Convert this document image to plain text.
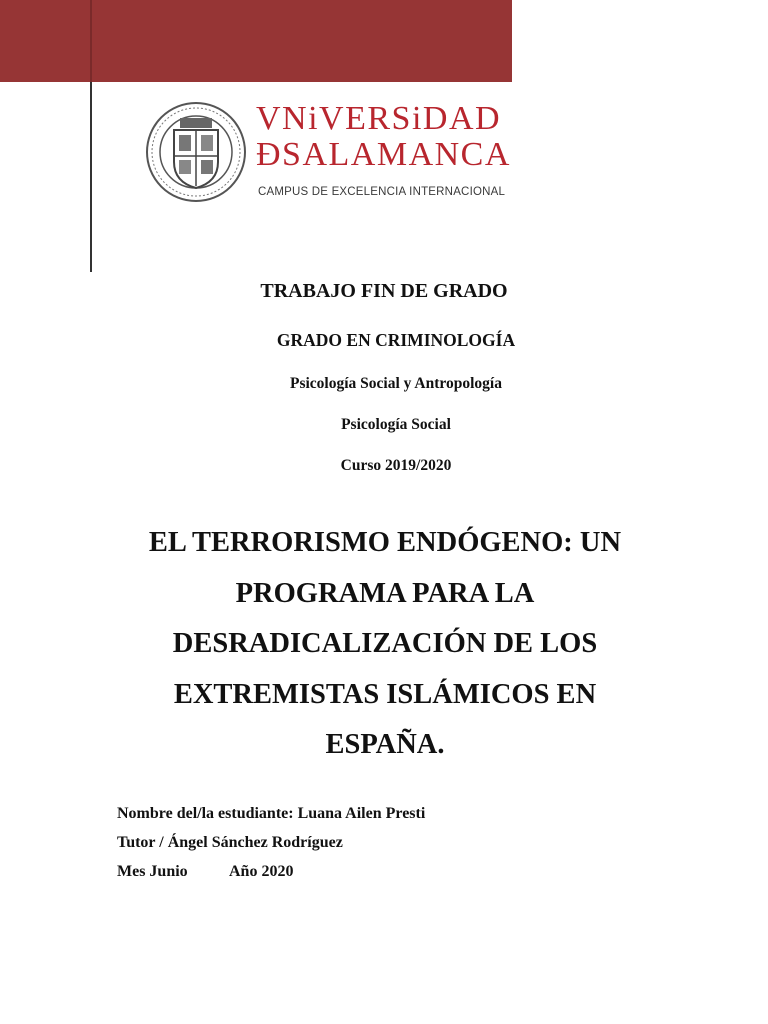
VNiVERSiDAD
ÐSALAMANCA
CAMPUS DE EXCELENCIA INTERNACIONAL
TRABAJO FIN DE GRADO
GRADO EN CRIMINOLOGÍA
Psicología Social y Antropología
Psicología Social
Curso 2019/2020
EL TERRORISMO ENDÓGENO: UN
PROGRAMA PARA LA
DESRADICALIZACIÓN DE LOS
EXTREMISTAS ISLÁMICOS EN
ESPAÑA.
Nombre del/la estudiante: Luana Ailen Presti
Tutor / Ángel Sánchez Rodríguez
Mes Junio	Año 2020
